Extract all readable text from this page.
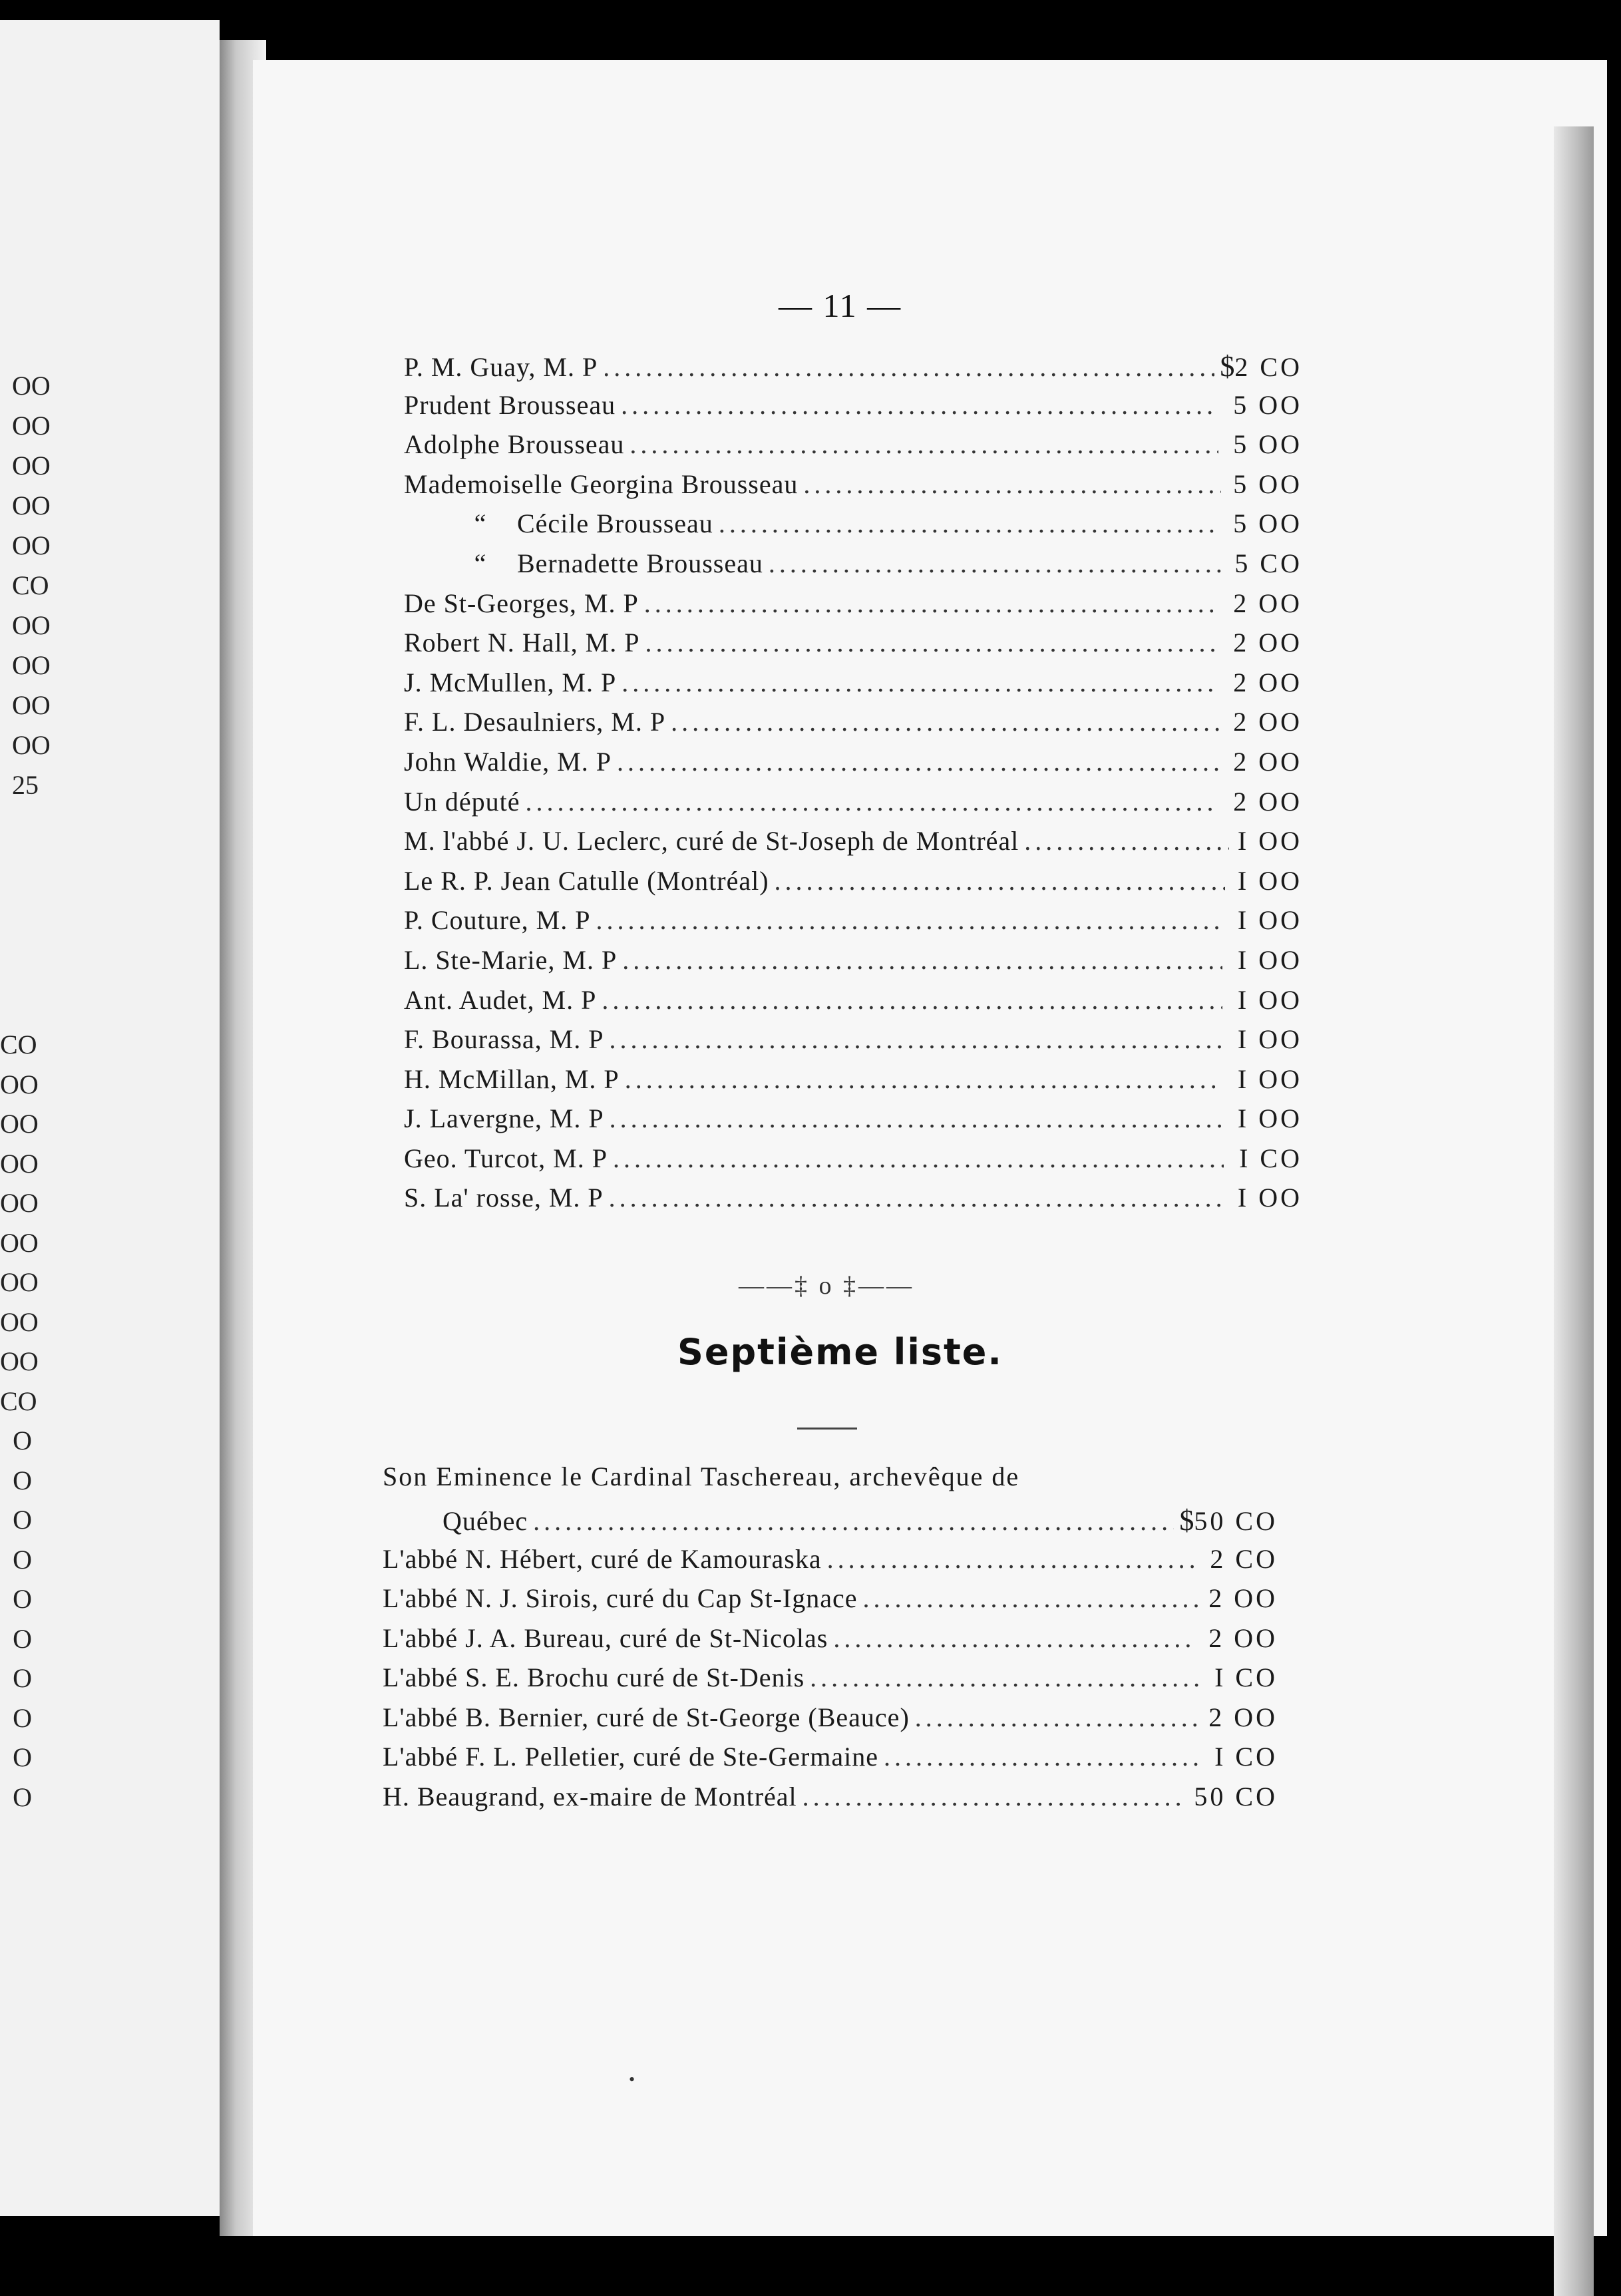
OO
OO
OO
OO
OO
CO
OO
OO
OO
OO
25
CO
OO
OO
OO
OO
OO
OO
OO
OO
CO
O
O
O
O
O
O
O
O
O
O
— 11 —
P. M. Guay, M. P .....	$ 2 CO
Prudent Brousseau .....	5 OO
Adolphe Brousseau .....	5 OO
Mademoiselle Georgina Brousseau .....	5 OO
“ Cécile Brousseau .....	5 OO
“ Bernadette Brousseau .....	5 CO
De St-Georges, M. P .....	2 OO
Robert N. Hall, M. P .....	2 OO
J. McMullen, M. P .....	2 OO
F. L. Desaulniers, M. P .....	2 OO
John Waldie, M. P .....	2 OO
Un député .....	2 OO
M. l'abbé J. U. Leclerc, curé de St-Joseph de Montréal .....	I OO
Le R. P. Jean Catulle (Montréal) .....	I OO
P. Couture, M. P .....	I OO
L. Ste-Marie, M. P .....	I OO
Ant. Audet, M. P .....	I OO
F. Bourassa, M. P .....	I OO
H. McMillan, M. P .....	I OO
J. Lavergne, M. P .....	I OO
Geo. Turcot, M. P .....	I CO
S. La' rosse, M. P .....	I OO
——‡ o ‡——
Septième liste.
Son Eminence le Cardinal Taschereau, archevêque de
Québec .....	$ 50 CO
L'abbé N. Hébert, curé de Kamouraska .....	2 CO
L'abbé N. J. Sirois, curé du Cap St-Ignace .....	2 OO
L'abbé J. A. Bureau, curé de St-Nicolas .....	2 OO
L'abbé S. E. Brochu curé de St-Denis .....	I CO
L'abbé B. Bernier, curé de St-George (Beauce) .....	2 OO
L'abbé F. L. Pelletier, curé de Ste-Germaine .....	I CO
H. Beaugrand, ex-maire de Montréal .....	50 CO
•
